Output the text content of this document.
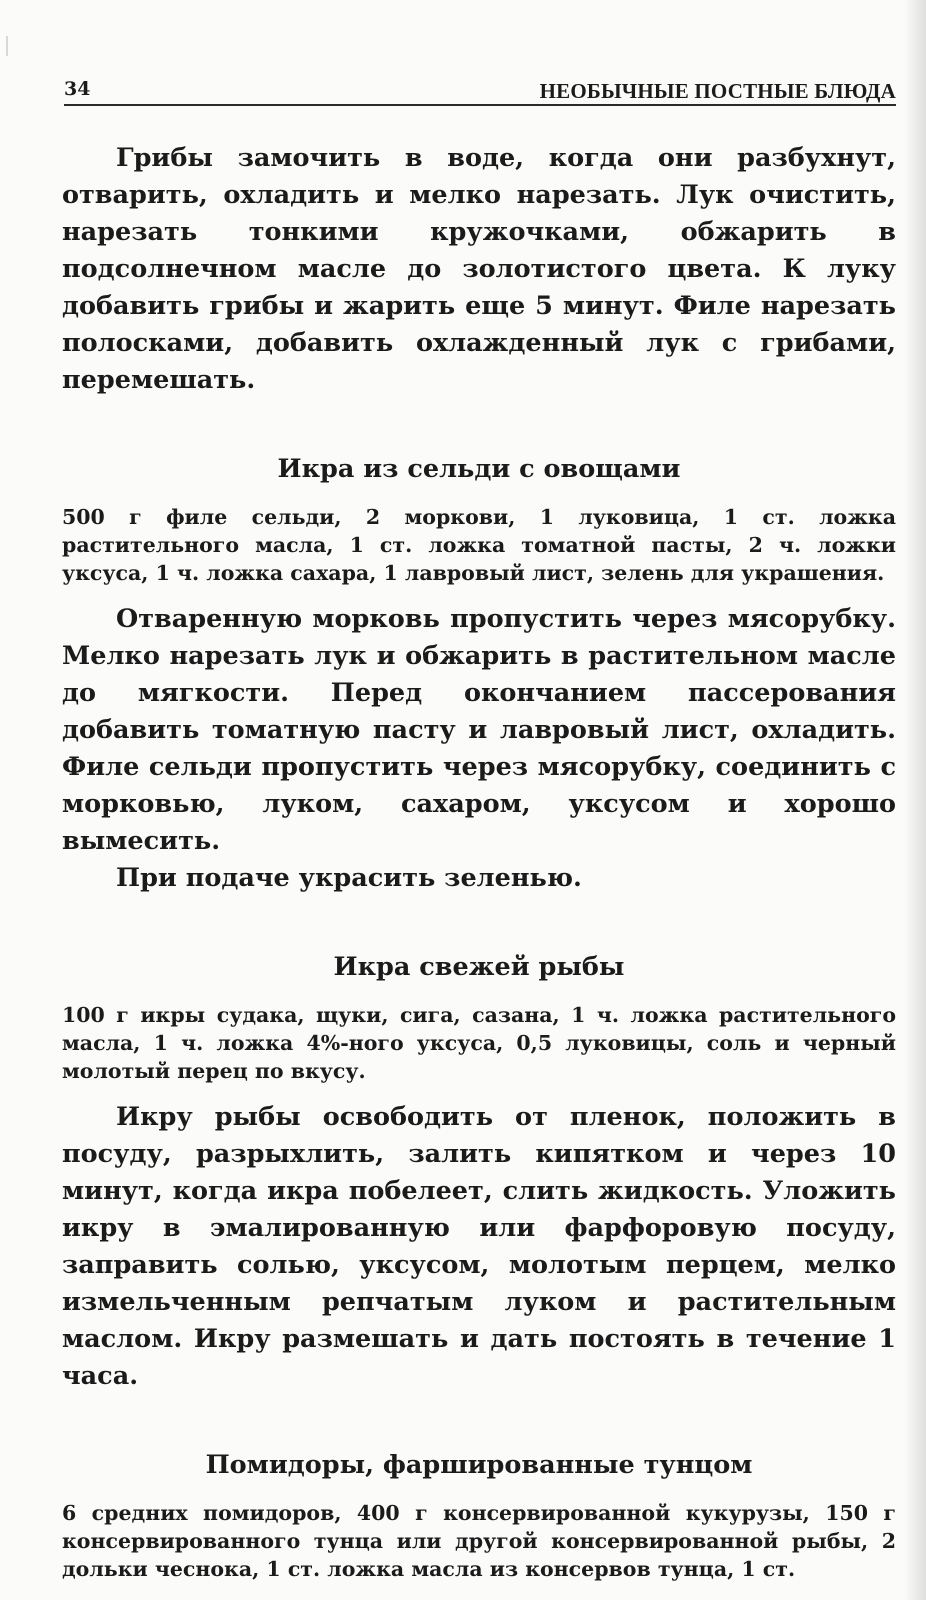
34	НЕОБЫЧНЫЕ ПОСТНЫЕ БЛЮДА

Грибы замочить в воде, когда они разбухнут, отварить, охладить и мелко нарезать. Лук очистить, нарезать тонкими кружочками, обжарить в подсолнечном масле до золотистого цвета. К луку добавить грибы и жарить еще 5 минут. Филе нарезать полосками, добавить охлажденный лук с грибами, перемешать.

Икра из сельди с овощами

500 г филе сельди, 2 моркови, 1 луковица, 1 ст. ложка растительного масла, 1 ст. ложка томатной пасты, 2 ч. ложки уксуса, 1 ч. ложка сахара, 1 лавровый лист, зелень для украшения.

Отваренную морковь пропустить через мясорубку. Мелко нарезать лук и обжарить в растительном масле до мягкости. Перед окончанием пассерования добавить томатную пасту и лавровый лист, охладить. Филе сельди пропустить через мясорубку, соединить с морковью, луком, сахаром, уксусом и хорошо вымесить.

При подаче украсить зеленью.

Икра свежей рыбы

100 г икры судака, щуки, сига, сазана, 1 ч. ложка растительного масла, 1 ч. ложка 4%-ного уксуса, 0,5 луковицы, соль и черный молотый перец по вкусу.

Икру рыбы освободить от пленок, положить в посуду, разрыхлить, залить кипятком и через 10 минут, когда икра побелеет, слить жидкость. Уложить икру в эмалированную или фарфоровую посуду, заправить солью, уксусом, молотым перцем, мелко измельченным репчатым луком и растительным маслом. Икру размешать и дать постоять в течение 1 часа.

Помидоры, фаршированные тунцом

6 средних помидоров, 400 г консервированной кукурузы, 150 г консервированного тунца или другой консервированной рыбы, 2 дольки чеснока, 1 ст. ложка масла из консервов тунца, 1 ст.
